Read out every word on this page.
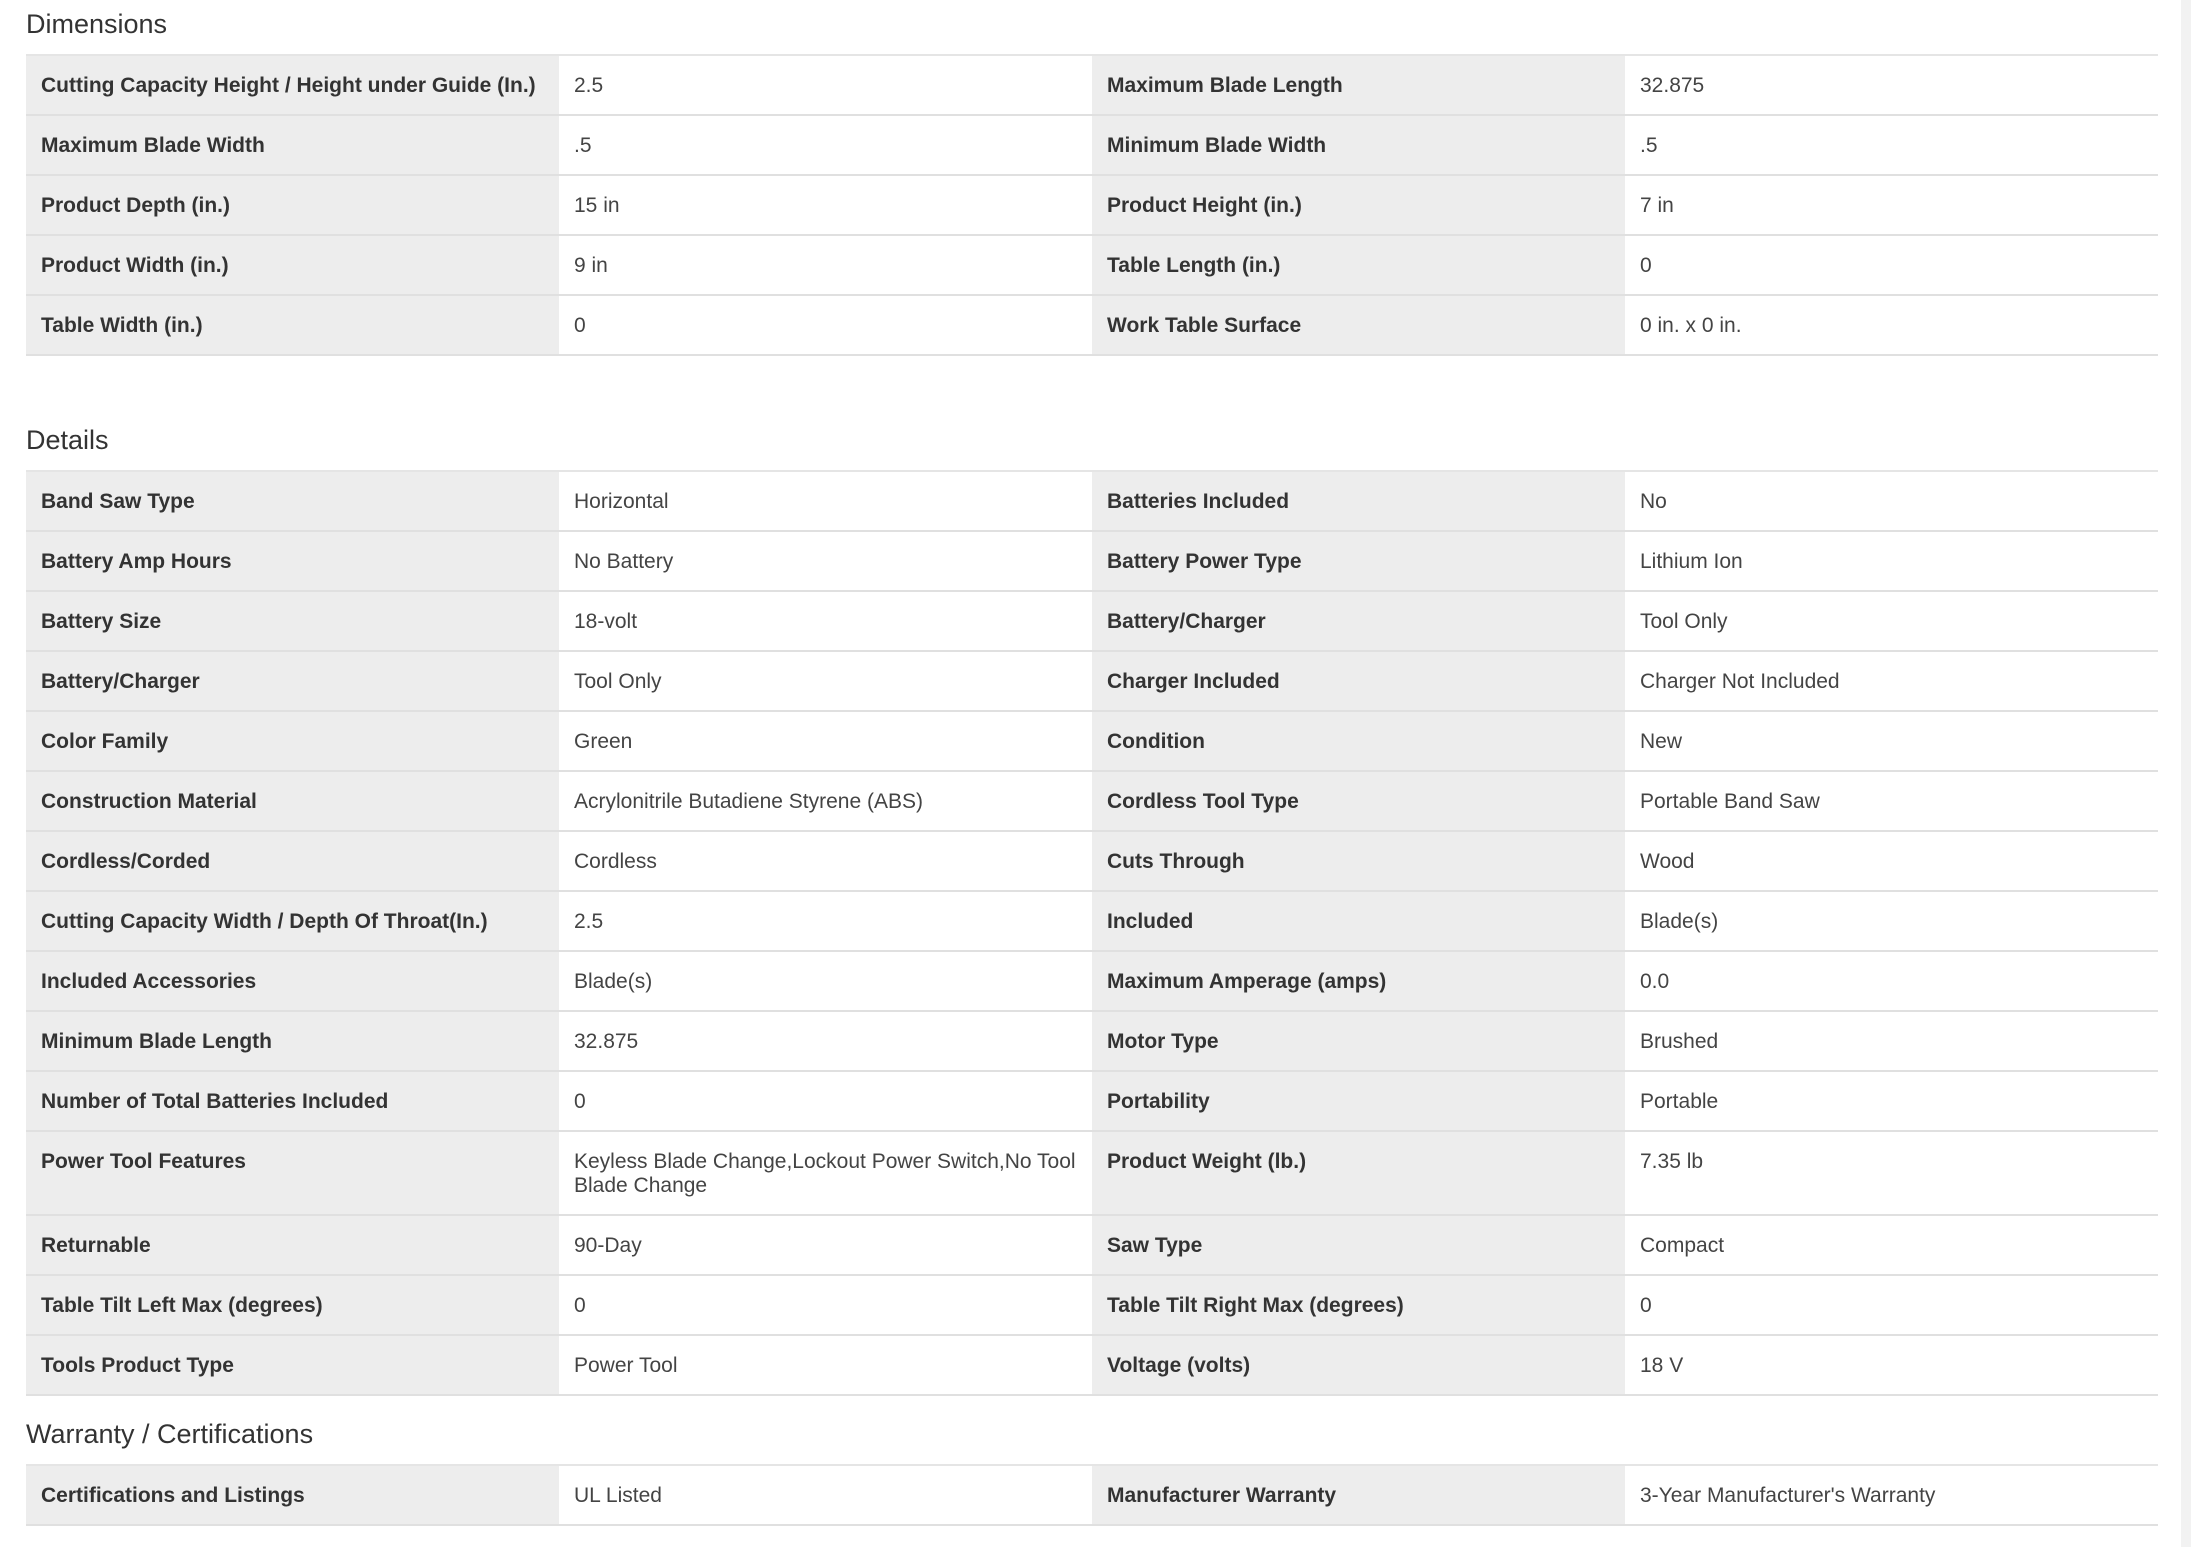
Dimensions
Cutting Capacity Height / Height under Guide (In.)	2.5	Maximum Blade Length	32.875
Maximum Blade Width	.5	Minimum Blade Width	.5
Product Depth (in.)	15 in	Product Height (in.)	7 in
Product Width (in.)	9 in	Table Length (in.)	0
Table Width (in.)	0	Work Table Surface	0 in. x 0 in.
Details
Band Saw Type	Horizontal	Batteries Included	No
Battery Amp Hours	No Battery	Battery Power Type	Lithium Ion
Battery Size	18-volt	Battery/Charger	Tool Only
Battery/Charger	Tool Only	Charger Included	Charger Not Included
Color Family	Green	Condition	New
Construction Material	Acrylonitrile Butadiene Styrene (ABS)	Cordless Tool Type	Portable Band Saw
Cordless/Corded	Cordless	Cuts Through	Wood
Cutting Capacity Width / Depth Of Throat(In.)	2.5	Included	Blade(s)
Included Accessories	Blade(s)	Maximum Amperage (amps)	0.0
Minimum Blade Length	32.875	Motor Type	Brushed
Number of Total Batteries Included	0	Portability	Portable
Power Tool Features	Keyless Blade Change,Lockout Power Switch,No Tool Blade Change	Product Weight (lb.)	7.35 lb
Returnable	90-Day	Saw Type	Compact
Table Tilt Left Max (degrees)	0	Table Tilt Right Max (degrees)	0
Tools Product Type	Power Tool	Voltage (volts)	18 V
Warranty / Certifications
Certifications and Listings	UL Listed	Manufacturer Warranty	3-Year Manufacturer's Warranty
